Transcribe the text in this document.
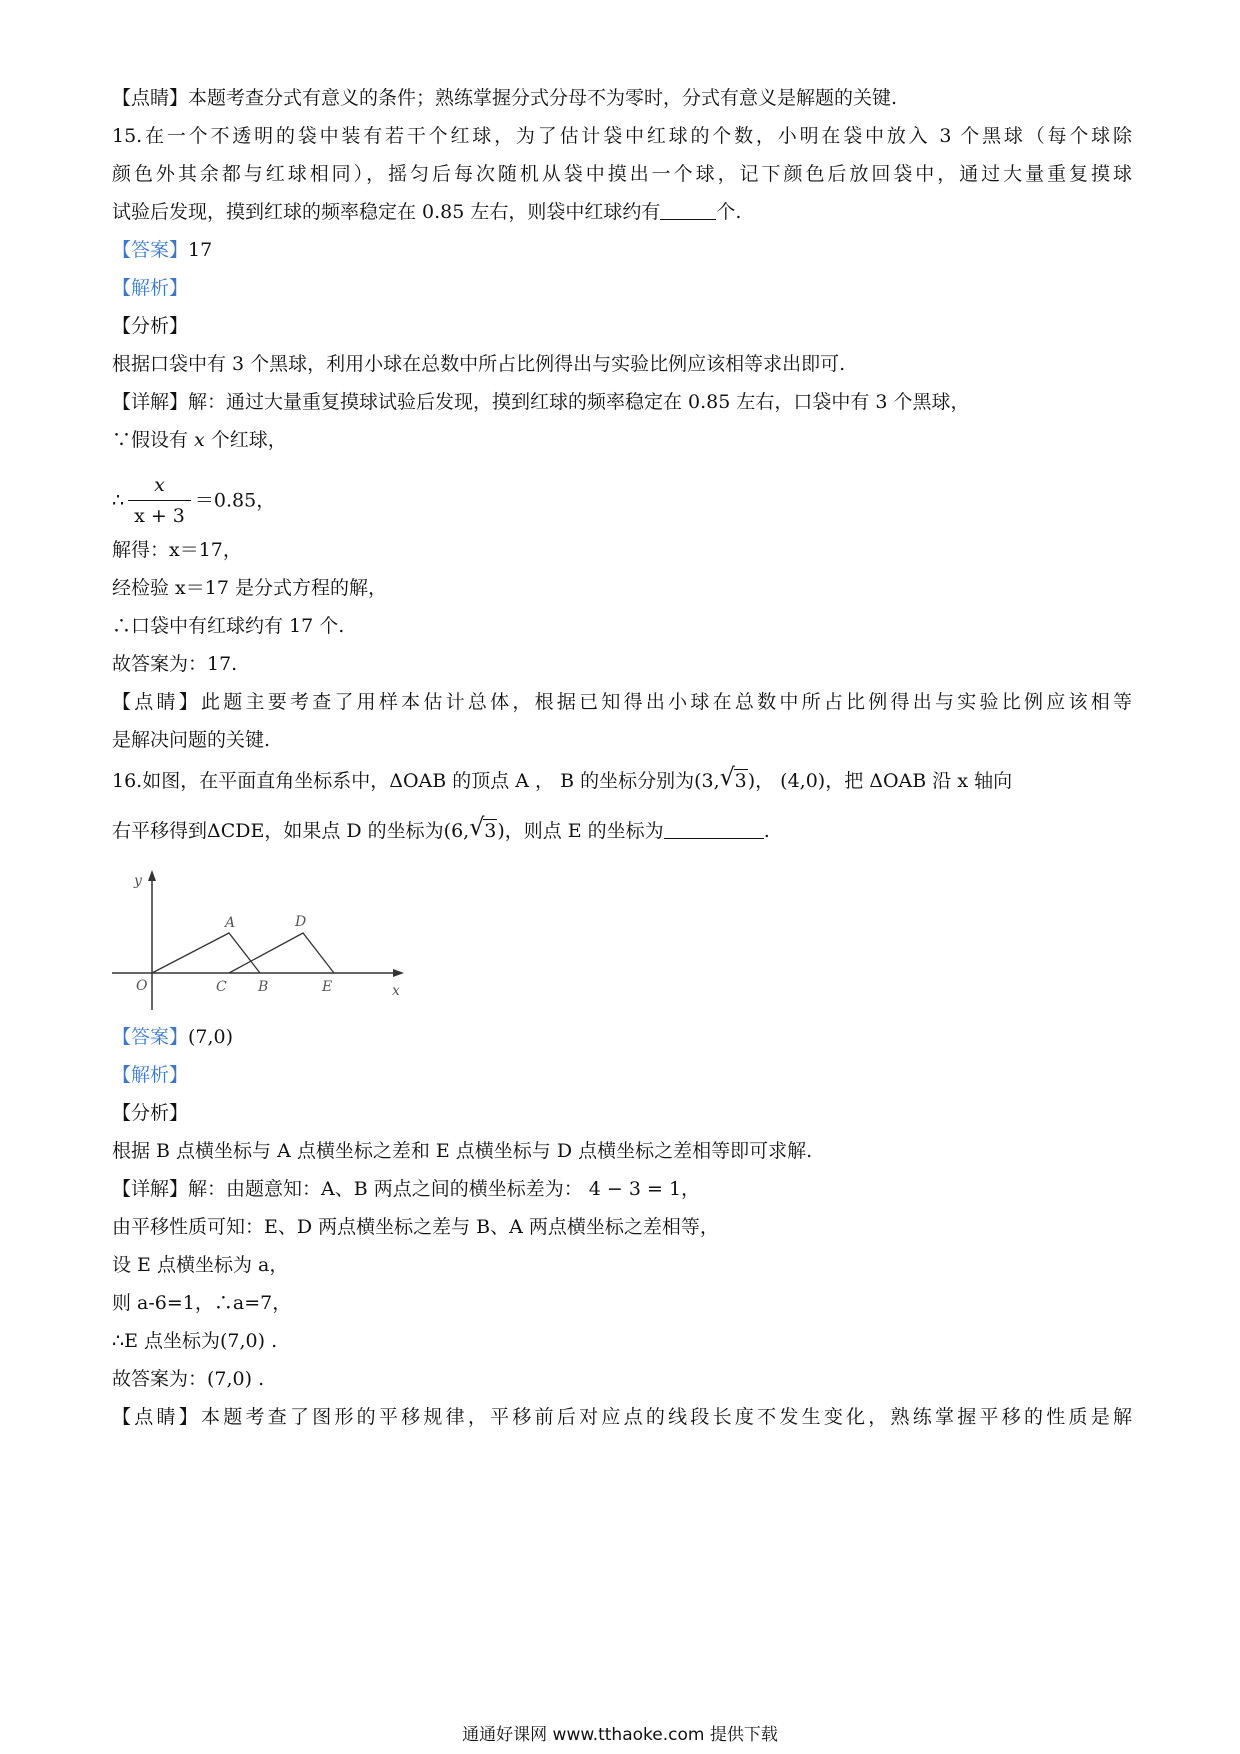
【点睛】本题考查分式有意义的条件；熟练掌握分式分母不为零时，分式有意义是解题的关键.
15.在一个不透明的袋中装有若干个红球，为了估计袋中红球的个数，小明在袋中放入 3 个黑球（每个球除
颜色外其余都与红球相同），摇匀后每次随机从袋中摸出一个球，记下颜色后放回袋中，通过大量重复摸球
试验后发现，摸到红球的频率稳定在 0.85 左右，则袋中红球约有	个.
【答案】17
【解析】
【分析】
根据口袋中有 3 个黑球，利用小球在总数中所占比例得出与实验比例应该相等求出即可.
【详解】解：通过大量重复摸球试验后发现，摸到红球的频率稳定在 0.85 左右，口袋中有 3 个黑球，
∵假设有 x 个红球，
∴ $\frac{x}{x + 3} =0.85$，
解得：x＝17，
经检验 x＝17 是分式方程的解，
∴口袋中有红球约有 17 个.
故答案为：17.
【点睛】此题主要考查了用样本估计总体，根据已知得出小球在总数中所占比例得出与实验比例应该相等
是解决问题的关键.
16.如图，在平面直角坐标系中，ΔOAB 的顶点 A ， B 的坐标分别为(3, √ 3)， (4,0)，把 ΔOAB 沿 x 轴向
右平移得到ΔCDE，如果点 D 的坐标为(6, √ 3)，则点 E 的坐标为	.
y
x
O
A
C B
D
E
【答案】(7,0)
【解析】
【分析】
根据 B 点横坐标与 A 点横坐标之差和 E 点横坐标与 D 点横坐标之差相等即可求解.
【详解】解：由题意知：A、B 两点之间的横坐标差为： 4 − 3 = 1，
由平移性质可知：E、D 两点横坐标之差与 B、A 两点横坐标之差相等，
设 E 点横坐标为 a，
则 a-6=1，∴a=7，
∴E 点坐标为(7,0) .
故答案为：(7,0) .
【点睛】本题考查了图形的平移规律，平移前后对应点的线段长度不发生变化，熟练掌握平移的性质是解
通通好课网 www.tthaoke.com 提供下载
